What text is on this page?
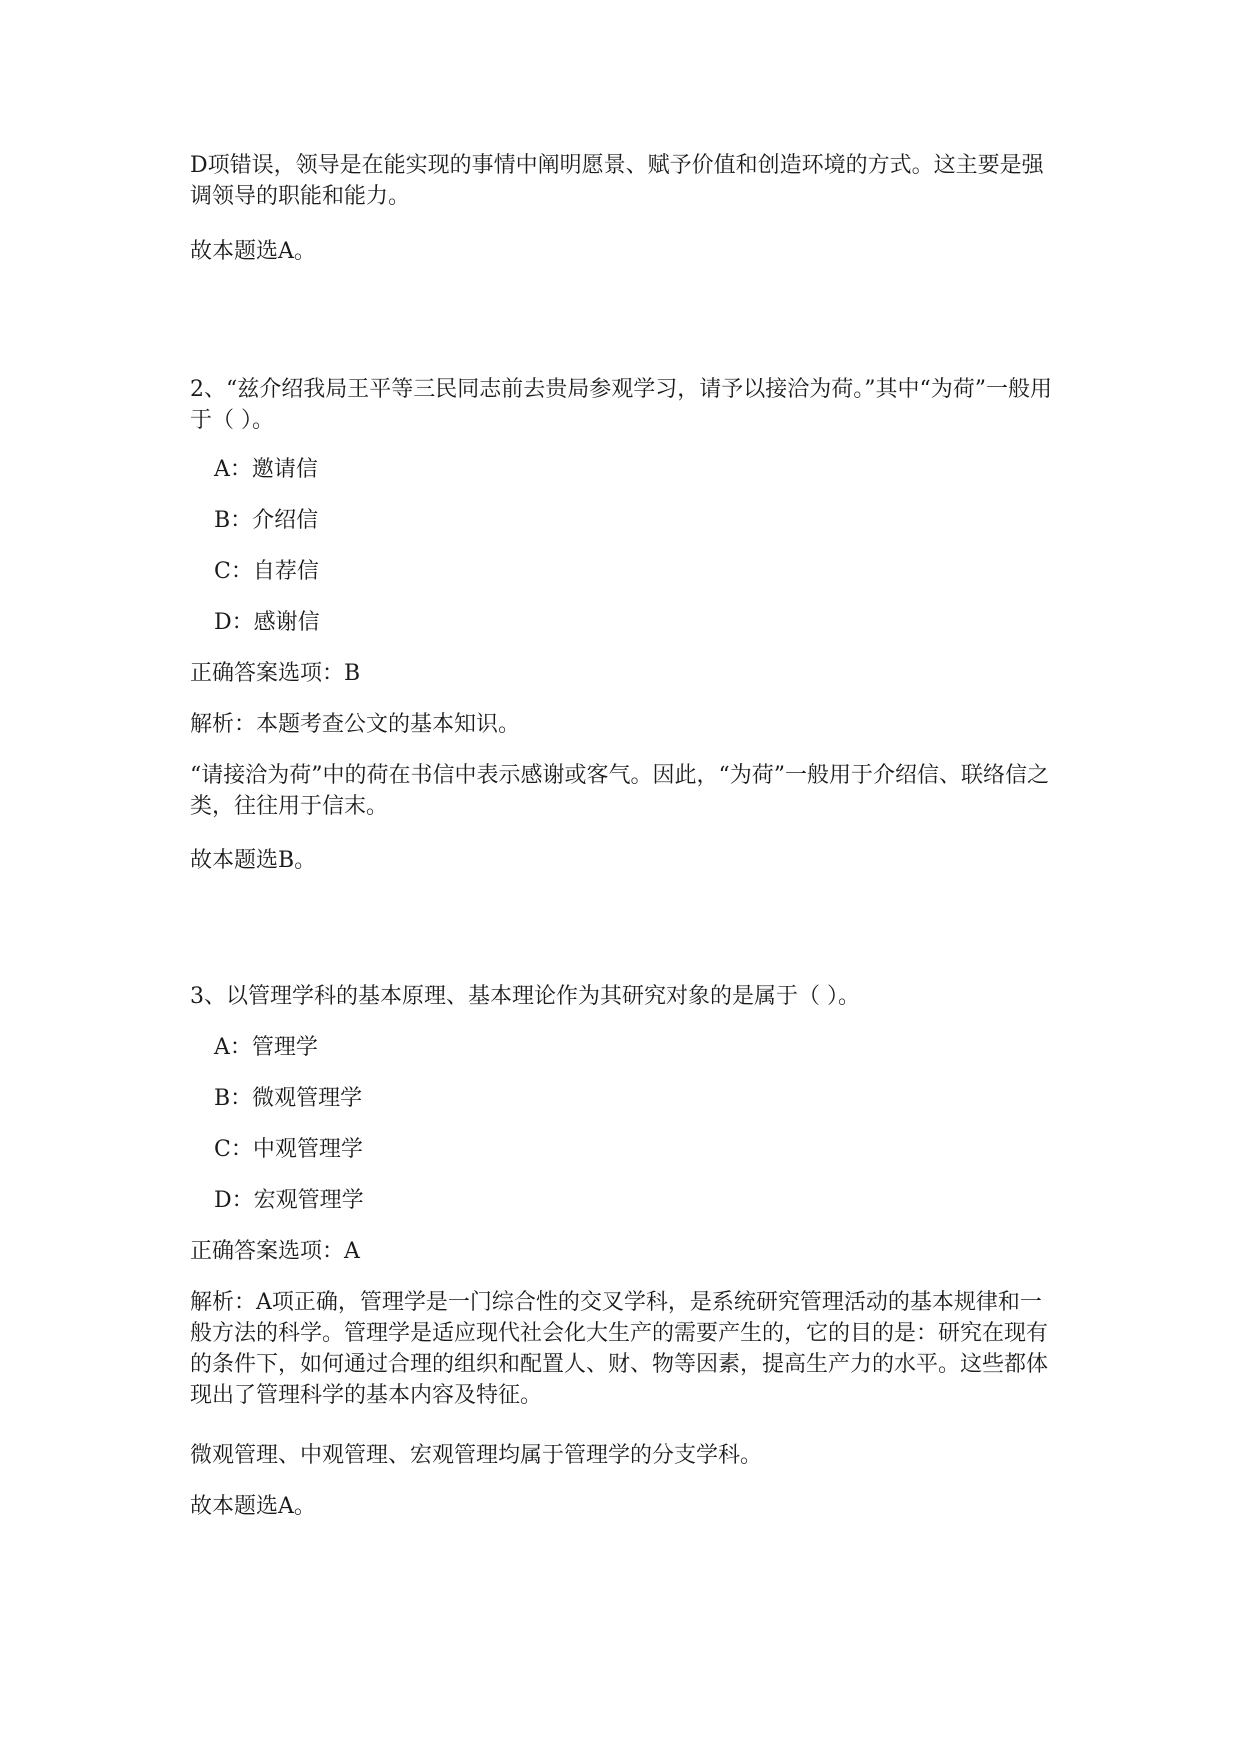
D项错误，领导是在能实现的事情中阐明愿景、赋予价值和创造环境的方式。这主要是强调领导的职能和能力。
故本题选A。
2、“兹介绍我局王平等三民同志前去贵局参观学习，请予以接洽为荷。”其中“为荷”一般用于（ ）。
A：邀请信
B：介绍信
C：自荐信
D：感谢信
正确答案选项：B
解析：本题考查公文的基本知识。
“请接洽为荷”中的荷在书信中表示感谢或客气。因此，“为荷”一般用于介绍信、联络信之类，往往用于信末。
故本题选B。
3、以管理学科的基本原理、基本理论作为其研究对象的是属于（ ）。
A：管理学
B：微观管理学
C：中观管理学
D：宏观管理学
正确答案选项：A
解析：A项正确，管理学是一门综合性的交叉学科，是系统研究管理活动的基本规律和一般方法的科学。管理学是适应现代社会化大生产的需要产生的，它的目的是：研究在现有的条件下，如何通过合理的组织和配置人、财、物等因素，提高生产力的水平。这些都体现出了管理科学的基本内容及特征。
微观管理、中观管理、宏观管理均属于管理学的分支学科。
故本题选A。
